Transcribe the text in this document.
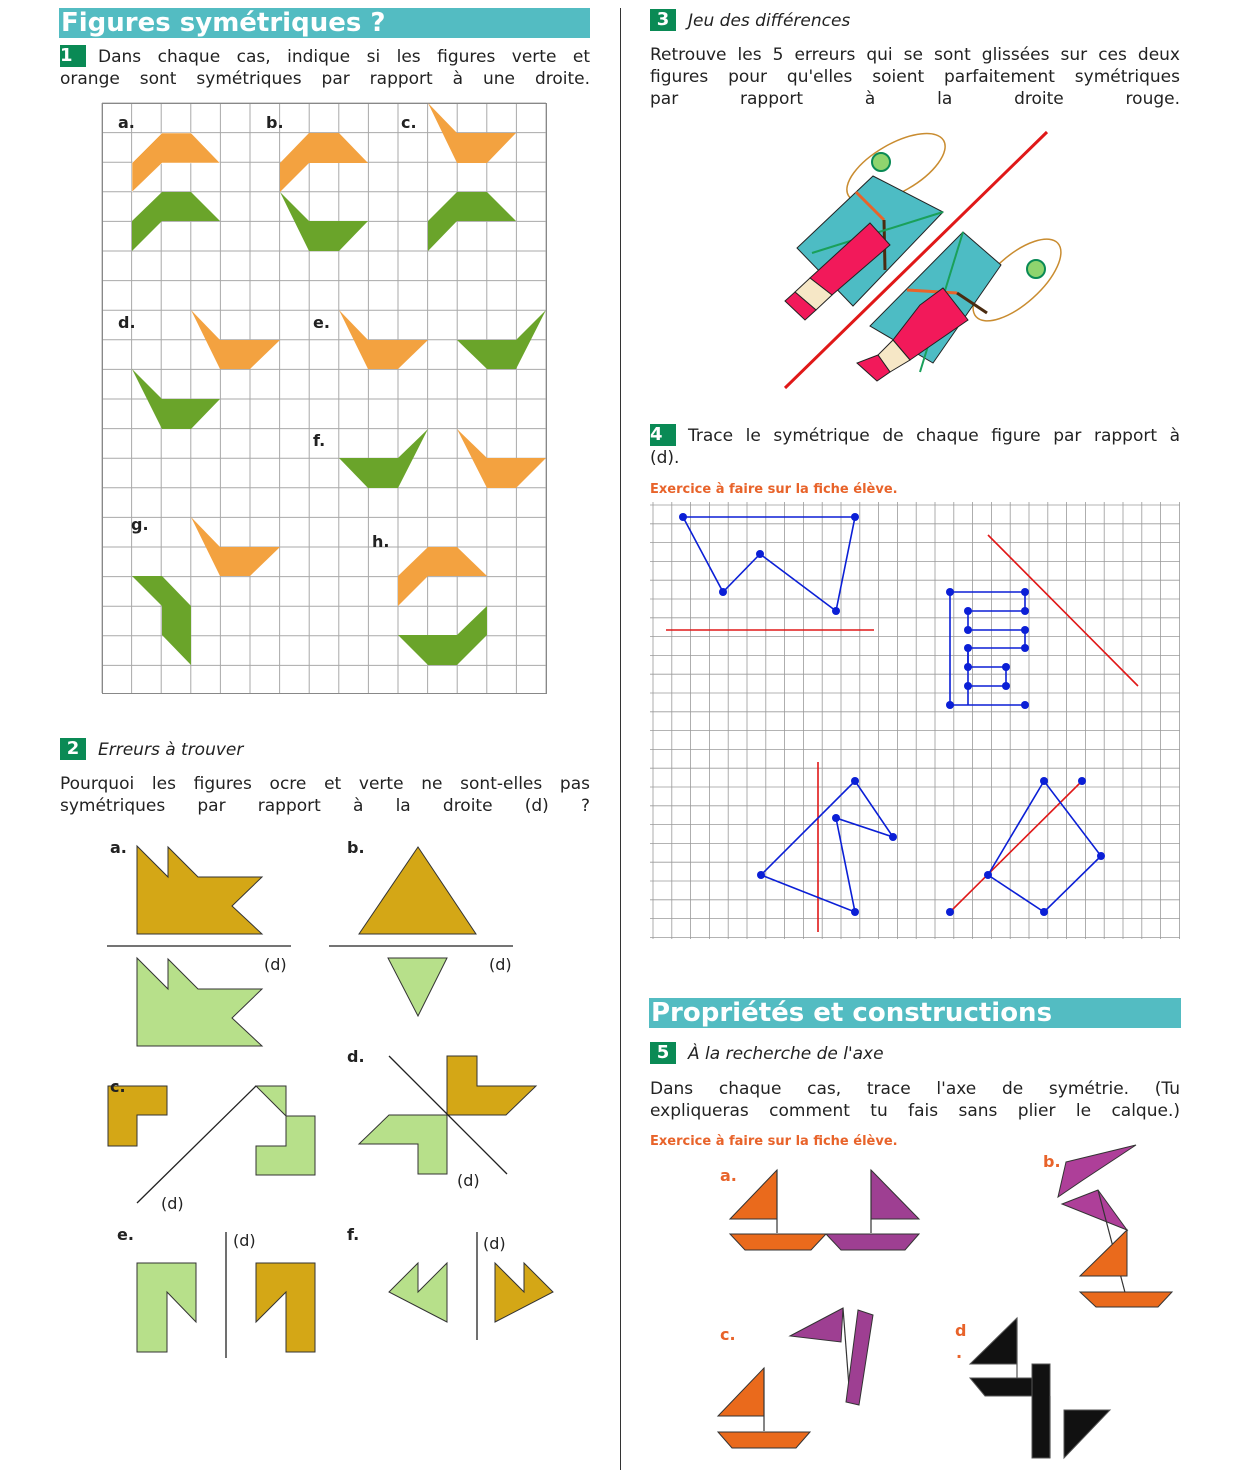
Figures symétriques ?
1 Dans chaque cas, indique si les figures verte et
orange sont symétriques par rapport à une droite.
a.	b.	c.
d.	e.
f.
g.
h.
2 Erreurs à trouver
Pourquoi les figures ocre et verte ne sont-elles pas
symétriques par rapport à la droite (d) ?
a.	b.
c.
d.
e.	f.
(d)	(d)
(d)
(d)
(d)	(d)
3 Jeu des différences
Retrouve les 5 erreurs qui se sont glissées sur ces deux figures pour qu'elles soient parfaitement symétriques
par rapport à la droite rouge.
4 Trace le symétrique de chaque figure par rapport à
(d).
Exercice à faire sur la fiche élève.
Propriétés et constructions
5 À la recherche de l'axe
Dans chaque cas, trace l'axe de symétrie. (Tu
expliqueras comment tu fais sans plier le calque.)
Exercice à faire sur la fiche élève.
a.
b.
c.	d
.
